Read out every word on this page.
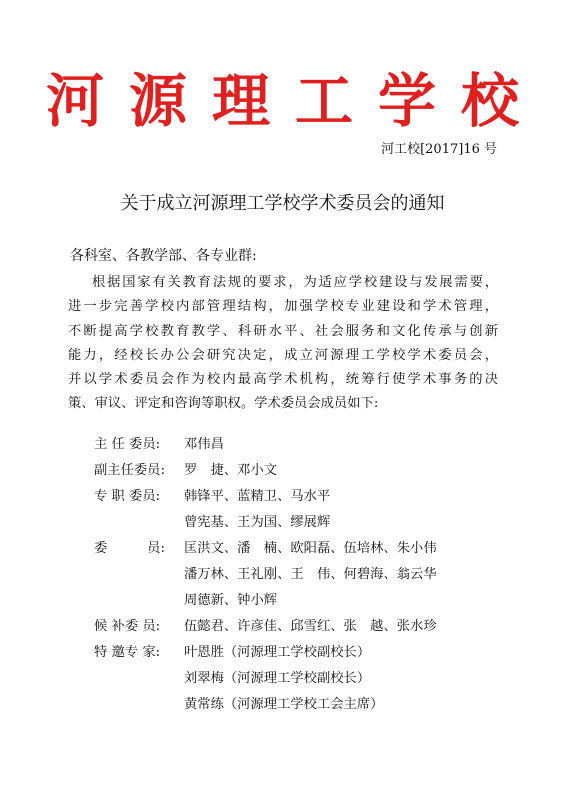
河 源 理 工 学 校
河工校[2017]16 号
关于成立河源理工学校学术委员会的通知
各科室、各教学部、各专业群:
根据国家有关教育法规的要求，为适应学校建设与发展需要，
进一步完善学校内部管理结构，加强学校专业建设和学术管理，
不断提高学校教育教学、科研水平、社会服务和文化传承与创新
能力，经校长办公会研究决定，成立河源理工学校学术委员会，
并以学术委员会作为校内最高学术机构，统筹行使学术事务的决
策、审议、评定和咨询等职权。学术委员会成员如下:
主 任 委员:	邓伟昌
副主任委员:	罗　捷、邓小文
专 职 委员:	韩锋平、蓝精卫、马水平
曾宪基、王为国、缪展辉
委　　　员:	匡洪文、潘　楠、欧阳磊、伍培林、朱小伟
潘万林、王礼刚、王　伟、何碧海、翁云华
周德新、钟小辉
候 补委 员:	伍懿君、许彦佳、邱雪红、张　越、张水珍
特 邀专 家:	叶恩胜（河源理工学校副校长）
刘翠梅（河源理工学校副校长）
黄常练（河源理工学校工会主席）
